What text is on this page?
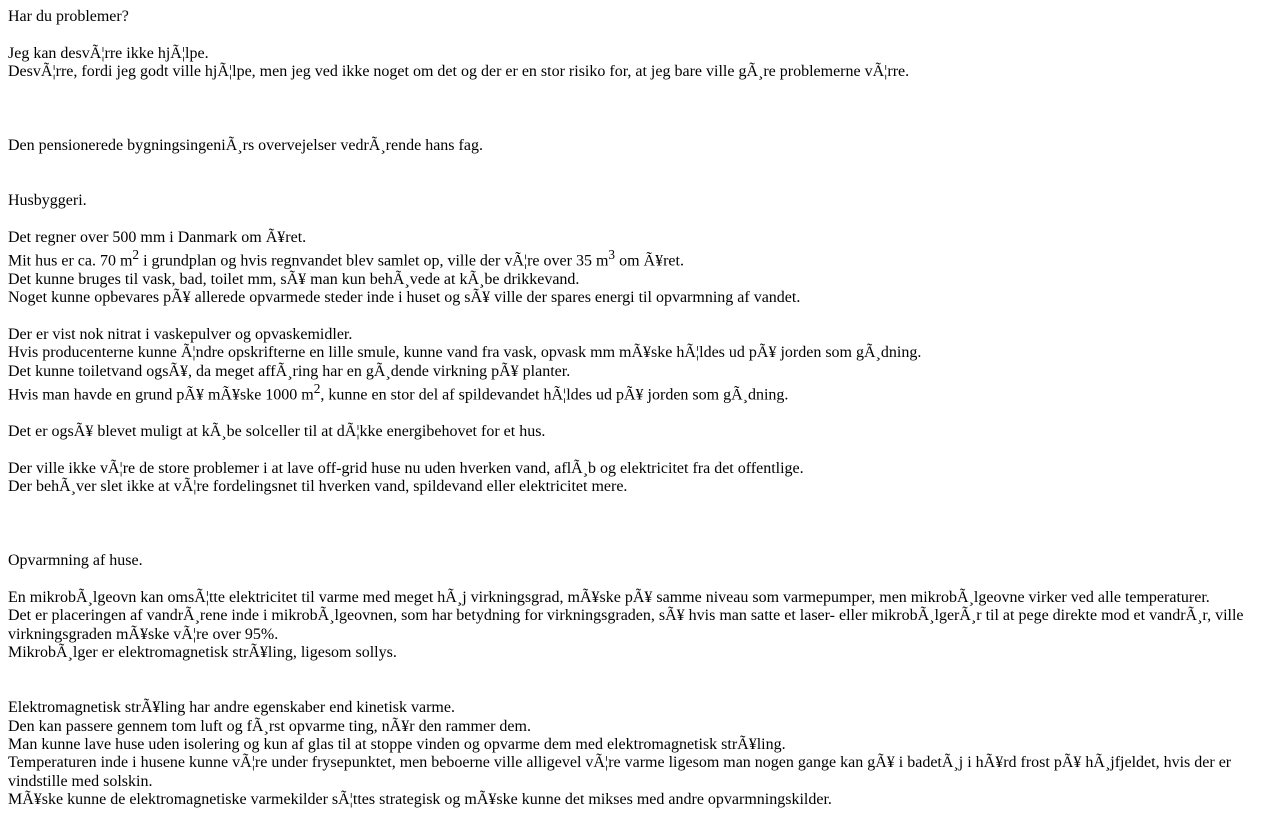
Har du problemer?
Jeg kan desvÃ¦rre ikke hjÃ¦lpe.
DesvÃ¦rre, fordi jeg godt ville hjÃ¦lpe, men jeg ved ikke noget om det og der er en stor risiko for, at jeg bare ville gÃ¸re problemerne vÃ¦rre.
Den pensionerede bygningsingeniÃ¸rs overvejelser vedrÃ¸rende hans fag.
Husbyggeri.
Det regner over 500 mm i Danmark om Ã¥ret.
Mit hus er ca. 70 $m^2$ i grundplan og hvis regnvandet blev samlet op, ville der vÃ¦re over 35 $m^3$ om Ã¥ret.
Det kunne bruges til vask, bad, toilet mm, sÃ¥ man kun behÃ¸vede at kÃ¸be drikkevand.
Noget kunne opbevares pÃ¥ allerede opvarmede steder inde i huset og sÃ¥ ville der spares energi til opvarmning af vandet.
Der er vist nok nitrat i vaskepulver og opvaskemidler.
Hvis producenterne kunne Ã¦ndre opskrifterne en lille smule, kunne vand fra vask, opvask mm mÃ¥ske hÃ¦ldes ud pÃ¥ jorden som gÃ¸dning.
Det kunne toiletvand ogsÃ¥, da meget affÃ¸ring har en gÃ¸dende virkning pÃ¥ planter.
Hvis man havde en grund pÃ¥ mÃ¥ske 1000 $m^2$, kunne en stor del af spildevandet hÃ¦ldes ud pÃ¥ jorden som gÃ¸dning.
Det er ogsÃ¥ blevet muligt at kÃ¸be solceller til at dÃ¦kke energibehovet for et hus.
Der ville ikke vÃ¦re de store problemer i at lave off-grid huse nu uden hverken vand, aflÃ¸b og elektricitet fra det offentlige.
Der behÃ¸ver slet ikke at vÃ¦re fordelingsnet til hverken vand, spildevand eller elektricitet mere.
Opvarmning af huse.
En mikrobÃ¸lgeovn kan omsÃ¦tte elektricitet til varme med meget hÃ¸j virkningsgrad, mÃ¥ske pÃ¥ samme niveau som varmepumper, men mikrobÃ¸lgeovne virker ved alle temperaturer.
Det er placeringen af vandrÃ¸rene inde i mikrobÃ¸lgeovnen, som har betydning for virkningsgraden, sÃ¥ hvis man satte et laser- eller mikrobÃ¸lgerÃ¸r til at pege direkte mod et vandrÃ¸r, ville virkningsgraden mÃ¥ske vÃ¦re over 95%.
MikrobÃ¸lger er elektromagnetisk strÃ¥ling, ligesom sollys.
Elektromagnetisk strÃ¥ling har andre egenskaber end kinetisk varme.
Den kan passere gennem tom luft og fÃ¸rst opvarme ting, nÃ¥r den rammer dem.
Man kunne lave huse uden isolering og kun af glas til at stoppe vinden og opvarme dem med elektromagnetisk strÃ¥ling.
Temperaturen inde i husene kunne vÃ¦re under frysepunktet, men beboerne ville alligevel vÃ¦re varme ligesom man nogen gange kan gÃ¥ i badetÃ¸j i hÃ¥rd frost pÃ¥ hÃ¸jfjeldet, hvis der er vindstille med solskin.
MÃ¥ske kunne de elektromagnetiske varmekilder sÃ¦ttes strategisk og mÃ¥ske kunne det mikses med andre opvarmningskilder.
